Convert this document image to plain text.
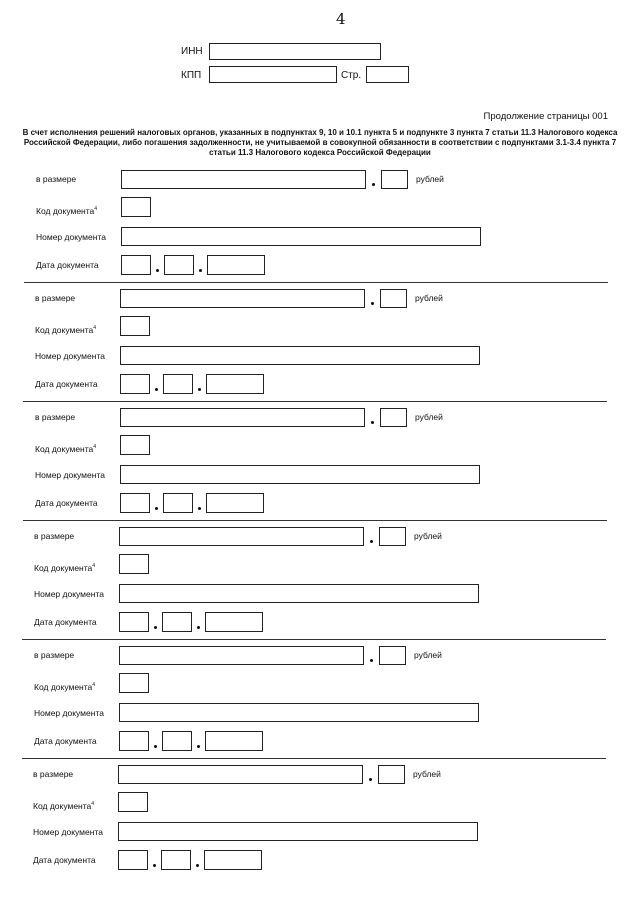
4
ИНН
КПП	Стр.
Продолжение страницы 001
В счет исполнения решений налоговых органов, указанных в подпунктах 9, 10 и 10.1 пункта 5 и подпункте 3 пункта 7 статьи 11.3 Налогового кодекса Российской Федерации, либо погашения задолженности, не учитываемой в совокупной обязанности в соответствии с подпунктами 3.1-3.4 пункта 7 статьи 11.3 Налогового кодекса Российской Федерации
в размере	рублей
Код документа$^4$
Номер документа
Дата документа
в размере	рублей
Код документа$^4$
Номер документа
Дата документа
в размере	рублей
Код документа$^4$
Номер документа
Дата документа
в размере	рублей
Код документа$^4$
Номер документа
Дата документа
в размере	рублей
Код документа$^4$
Номер документа
Дата документа
в размере	рублей
Код документа$^4$
Номер документа
Дата документа
